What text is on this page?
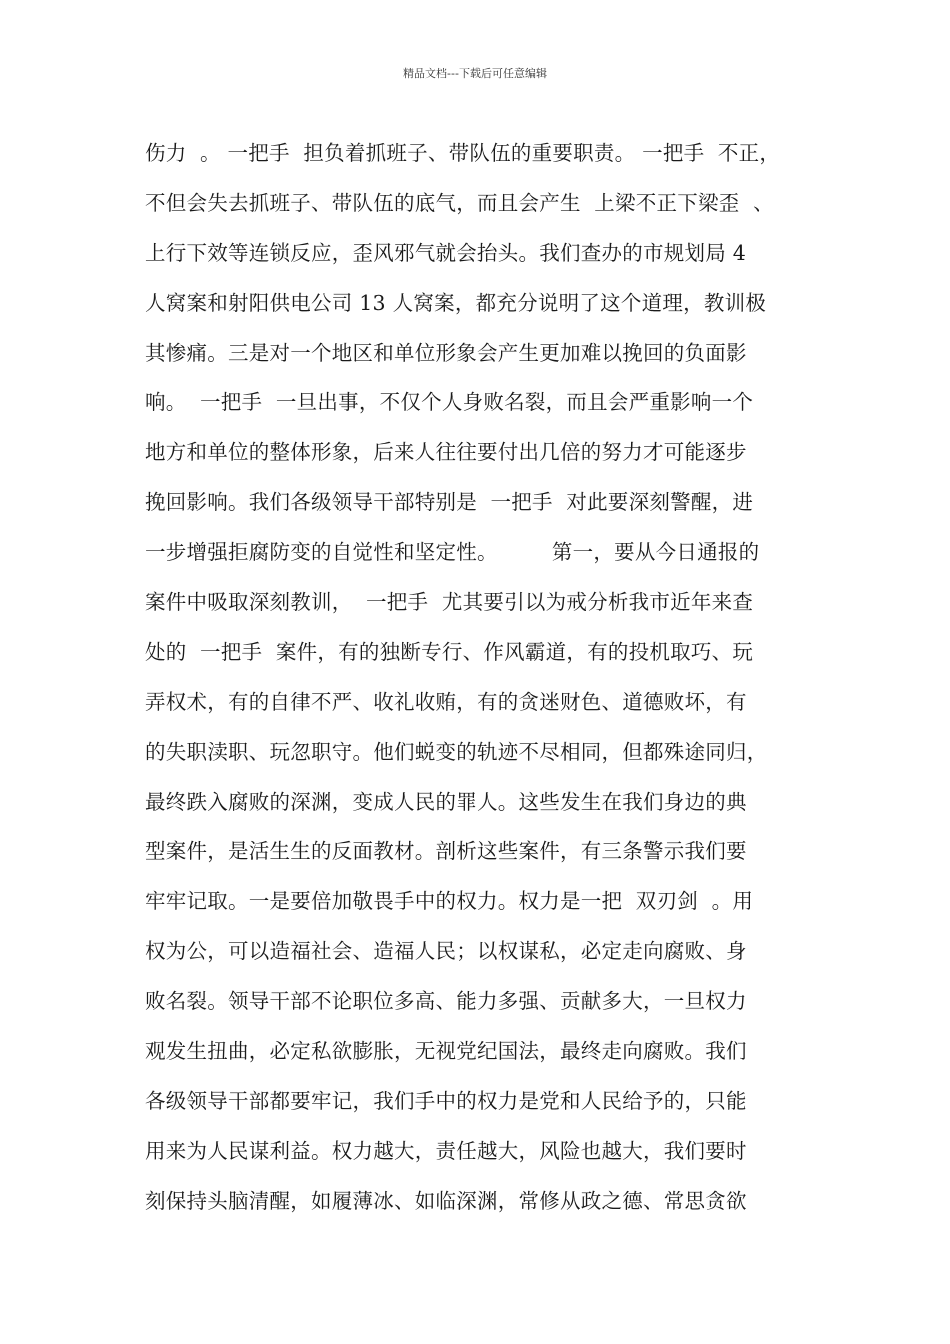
精品文档---下载后可任意编辑
伤力  。 一把手  担负着抓班子、带队伍的重要职责。 一把手  不正，
不但会失去抓班子、带队伍的底气，而且会产生  上梁不正下梁歪  、
上行下效等连锁反应，歪风邪气就会抬头。我们查办的市规划局 4
人窝案和射阳供电公司 13 人窝案，都充分说明了这个道理，教训极
其惨痛。三是对一个地区和单位形象会产生更加难以挽回的负面影
响。  一把手  一旦出事，不仅个人身败名裂，而且会严重影响一个
地方和单位的整体形象，后来人往往要付出几倍的努力才可能逐步
挽回影响。我们各级领导干部特别是  一把手  对此要深刻警醒，进
一步增强拒腐防变的自觉性和坚定性。        第一，要从今日通报的
案件中吸取深刻教训，  一把手  尤其要引以为戒分析我市近年来查
处的  一把手  案件，有的独断专行、作风霸道，有的投机取巧、玩
弄权术，有的自律不严、收礼收贿，有的贪迷财色、道德败坏，有
的失职渎职、玩忽职守。他们蜕变的轨迹不尽相同，但都殊途同归，
最终跌入腐败的深渊，变成人民的罪人。这些发生在我们身边的典
型案件，是活生生的反面教材。剖析这些案件，有三条警示我们要
牢牢记取。一是要倍加敬畏手中的权力。权力是一把  双刃剑  。用
权为公，可以造福社会、造福人民；以权谋私，必定走向腐败、身
败名裂。领导干部不论职位多高、能力多强、贡献多大，一旦权力
观发生扭曲，必定私欲膨胀，无视党纪国法，最终走向腐败。我们
各级领导干部都要牢记，我们手中的权力是党和人民给予的，只能
用来为人民谋利益。权力越大，责任越大，风险也越大，我们要时
刻保持头脑清醒，如履薄冰、如临深渊，常修从政之德、常思贪欲
